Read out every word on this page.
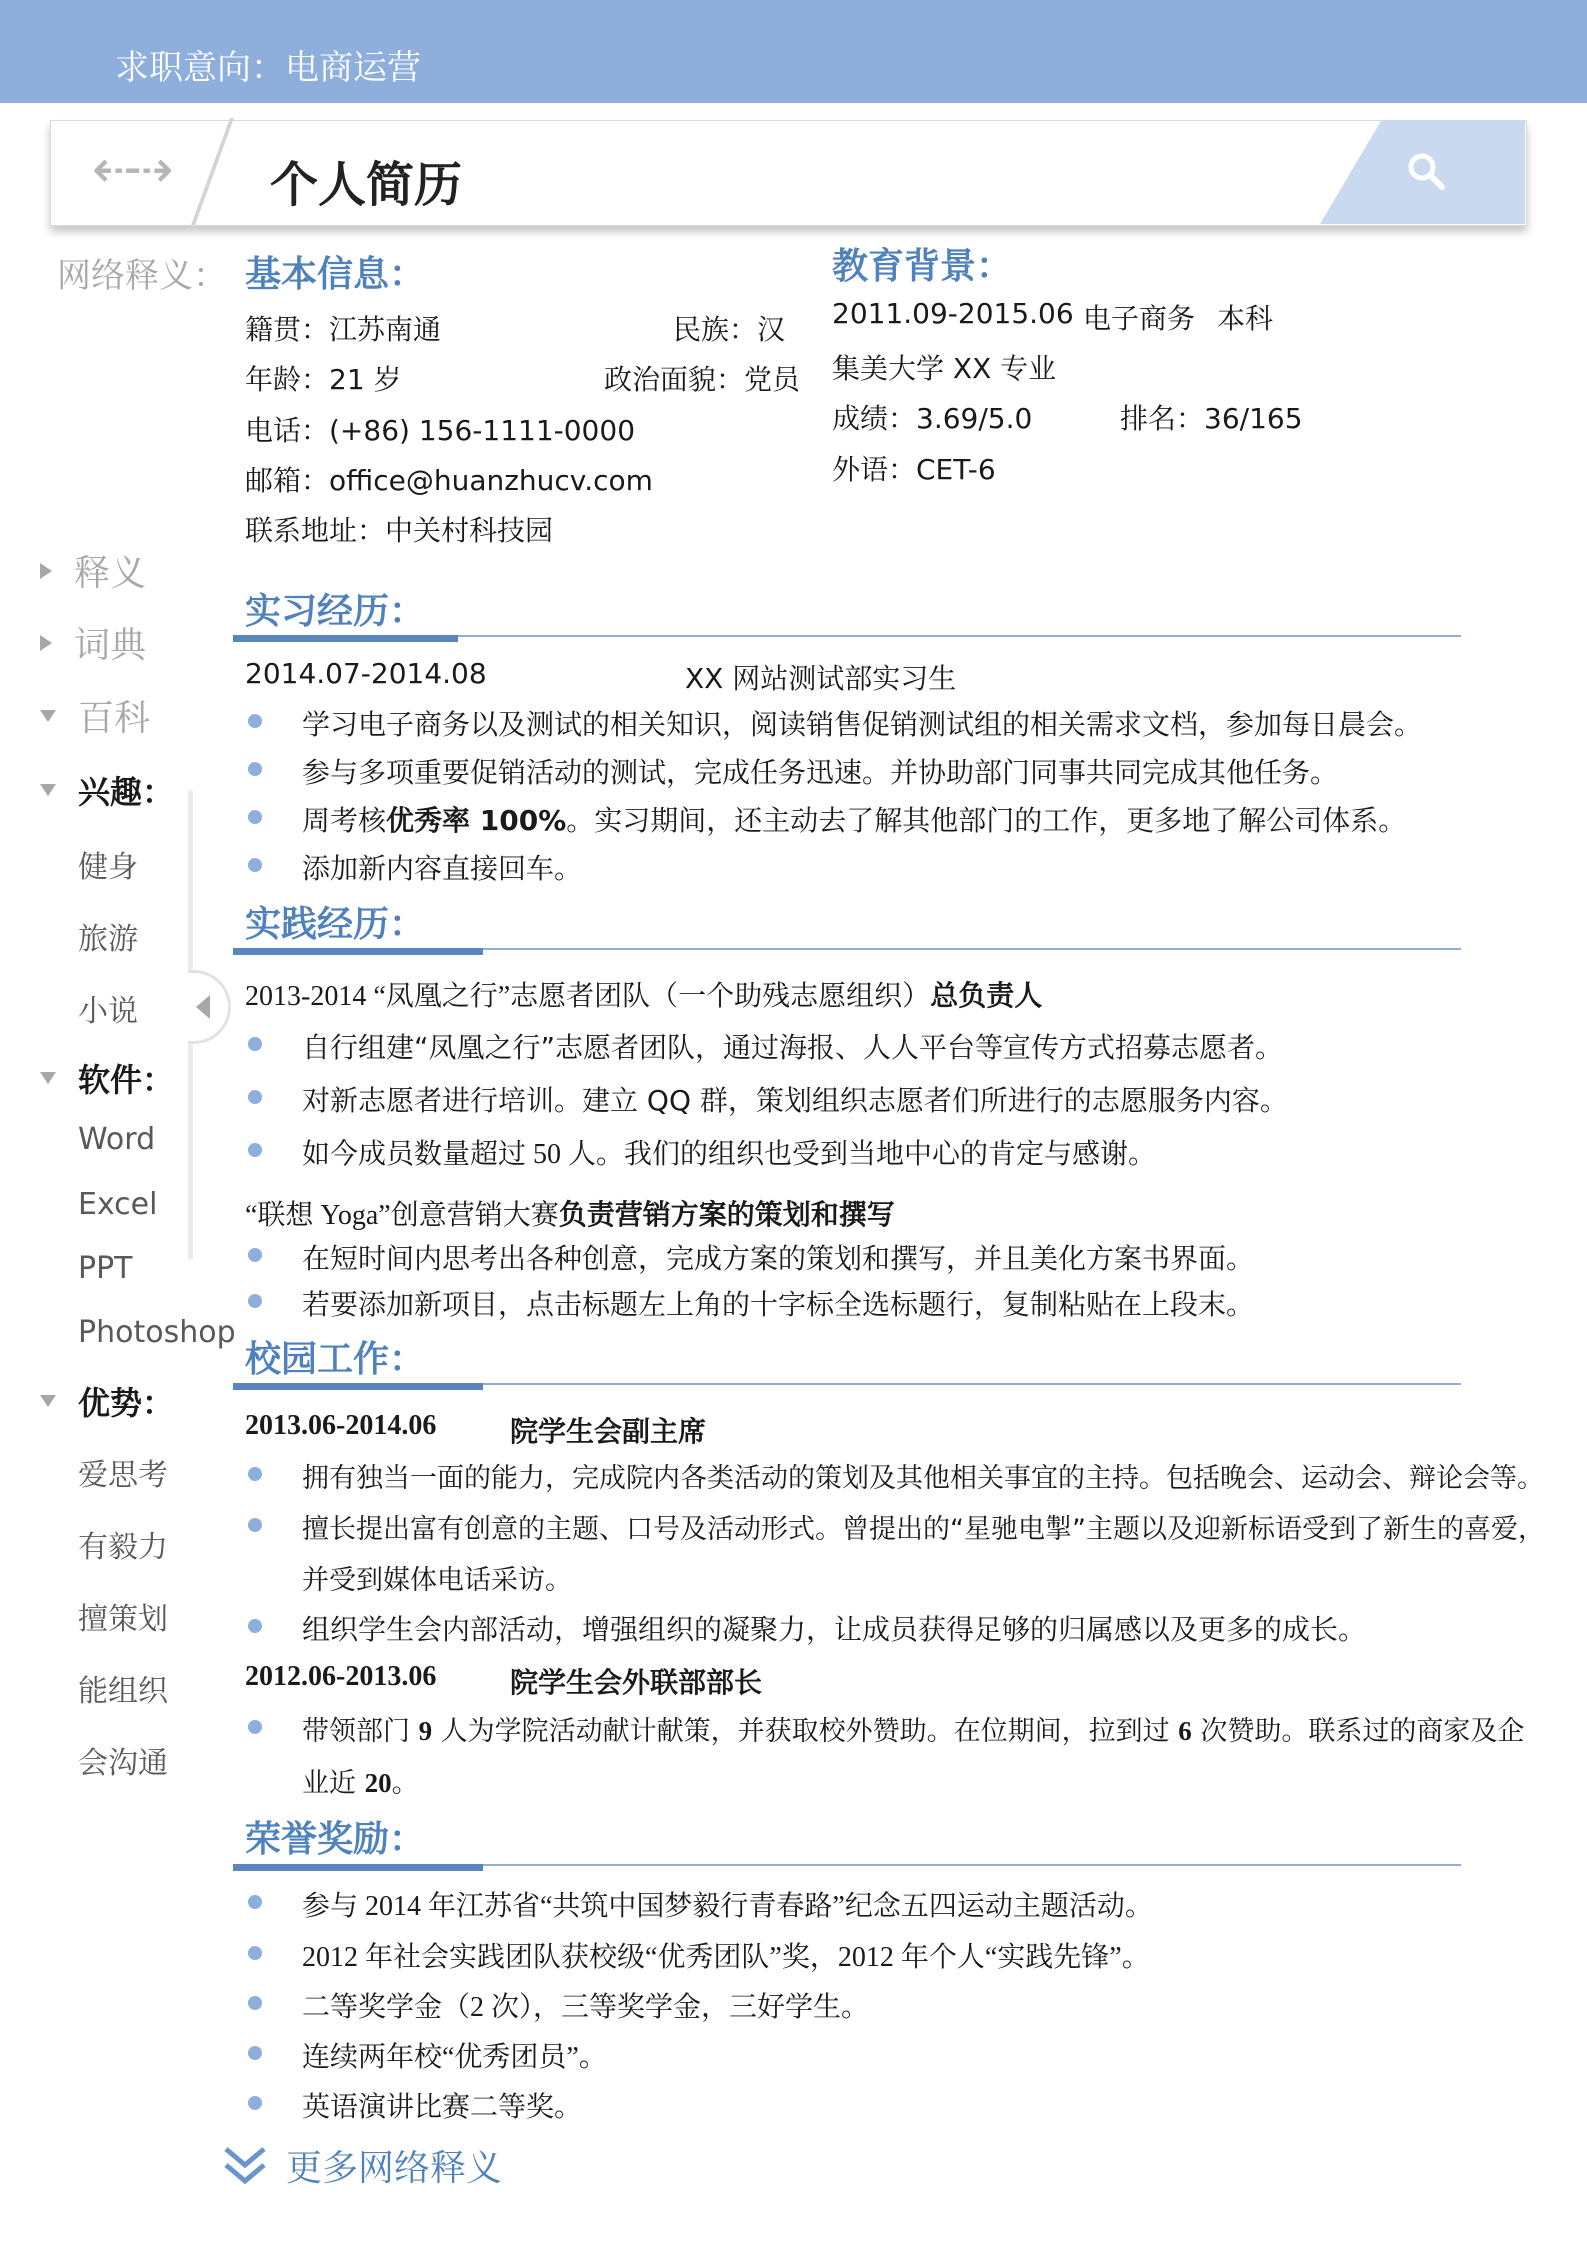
求职意向：电商运营
⇠⇢ 个人简历
网络释义：
释义
词典
百科
兴趣：
健身
旅游
小说
软件：
Word
Excel
PPT
Photoshop
优势：
爱思考
有毅力
擅策划
能组织
会沟通
基本信息：
籍贯：江苏南通	民族：汉
年龄：21 岁	政治面貌：党员
电话：(+86) 156-1111-0000
邮箱：office@huanzhucv.com
联系地址：中关村科技园
教育背景：
2011.09-2015.06 电子商务 本科
集美大学 XX 专业
成绩：3.69/5.0	排名：36/165
外语：CET-6
实习经历：
2014.07-2014.08	XX 网站测试部实习生
学习电子商务以及测试的相关知识，阅读销售促销测试组的相关需求文档，参加每日晨会。
参与多项重要促销活动的测试，完成任务迅速。并协助部门同事共同完成其他任务。
周考核优秀率 100%。实习期间，还主动去了解其他部门的工作，更多地了解公司体系。
添加新内容直接回车。
实践经历：
2013-2014 “凤凰之行”志愿者团队（一个助残志愿组织）总负责人
自行组建“凤凰之行”志愿者团队，通过海报、人人平台等宣传方式招募志愿者。
对新志愿者进行培训。建立 QQ 群，策划组织志愿者们所进行的志愿服务内容。
如今成员数量超过 50 人。我们的组织也受到当地中心的肯定与感谢。
“联想 Yoga”创意营销大赛负责营销方案的策划和撰写
在短时间内思考出各种创意，完成方案的策划和撰写，并且美化方案书界面。
若要添加新项目，点击标题左上角的十字标全选标题行，复制粘贴在上段末。
校园工作：
2013.06-2014.06	院学生会副主席
拥有独当一面的能力，完成院内各类活动的策划及其他相关事宜的主持。包括晚会、运动会、辩论会等。
擅长提出富有创意的主题、口号及活动形式。曾提出的“星驰电掣”主题以及迎新标语受到了新生的喜爱，
并受到媒体电话采访。
组织学生会内部活动，增强组织的凝聚力，让成员获得足够的归属感以及更多的成长。
2012.06-2013.06	院学生会外联部部长
带领部门 9 人为学院活动献计献策，并获取校外赞助。在位期间，拉到过 6 次赞助。联系过的商家及企
业近 20。
荣誉奖励：
参与 2014 年江苏省“共筑中国梦毅行青春路”纪念五四运动主题活动。
2012 年社会实践团队获校级“优秀团队”奖，2012 年个人“实践先锋”。
二等奖学金（2 次），三等奖学金，三好学生。
连续两年校“优秀团员”。
英语演讲比赛二等奖。
更多网络释义
